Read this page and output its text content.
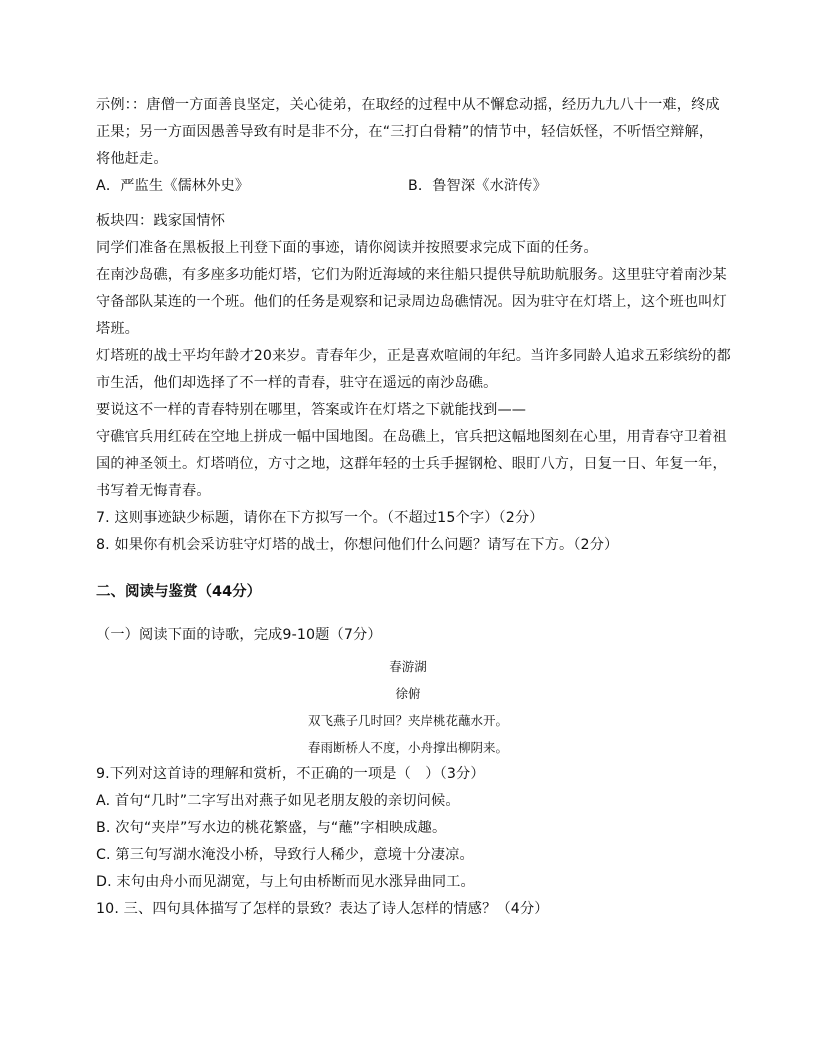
示例：：唐僧一方面善良坚定，关心徒弟，在取经的过程中从不懈怠动摇，经历九九八十一难，终成
正果；另一方面因愚善导致有时是非不分，在“三打白骨精”的情节中，轻信妖怪，不听悟空辩解，
将他赶走。
A．严监生《儒林外史》	B．鲁智深《水浒传》
板块四：践家国情怀
同学们准备在黑板报上刊登下面的事迹，请你阅读并按照要求完成下面的任务。
在南沙岛礁，有多座多功能灯塔，它们为附近海域的来往船只提供导航助航服务。这里驻守着南沙某
守备部队某连的一个班。他们的任务是观察和记录周边岛礁情况。因为驻守在灯塔上，这个班也叫灯
塔班。
灯塔班的战士平均年龄才20来岁。青春年少，正是喜欢喧闹的年纪。当许多同龄人追求五彩缤纷的都
市生活，他们却选择了不一样的青春，驻守在遥远的南沙岛礁。
要说这不一样的青春特别在哪里，答案或许在灯塔之下就能找到——
守礁官兵用红砖在空地上拼成一幅中国地图。在岛礁上，官兵把这幅地图刻在心里，用青春守卫着祖
国的神圣领土。灯塔哨位，方寸之地，这群年轻的士兵手握钢枪、眼盯八方，日复一日、年复一年，
书写着无悔青春。
7. 这则事迹缺少标题，请你在下方拟写一个。（不超过15个字）（2分）
8. 如果你有机会采访驻守灯塔的战士，你想问他们什么问题？请写在下方。（2分）
二、阅读与鉴赏（44分）
（一）阅读下面的诗歌，完成9-10题（7分）
春游湖
徐俯
双飞燕子几时回？夹岸桃花蘸水开。
春雨断桥人不度，小舟撑出柳阴来。
9.下列对这首诗的理解和赏析，不正确的一项是（　）（3分）
A. 首句“几时”二字写出对燕子如见老朋友般的亲切问候。
B. 次句“夹岸”写水边的桃花繁盛，与“蘸”字相映成趣。
C. 第三句写湖水淹没小桥，导致行人稀少，意境十分凄凉。
D. 末句由舟小而见湖宽，与上句由桥断而见水涨异曲同工。
10. 三、四句具体描写了怎样的景致？表达了诗人怎样的情感？（4分）
